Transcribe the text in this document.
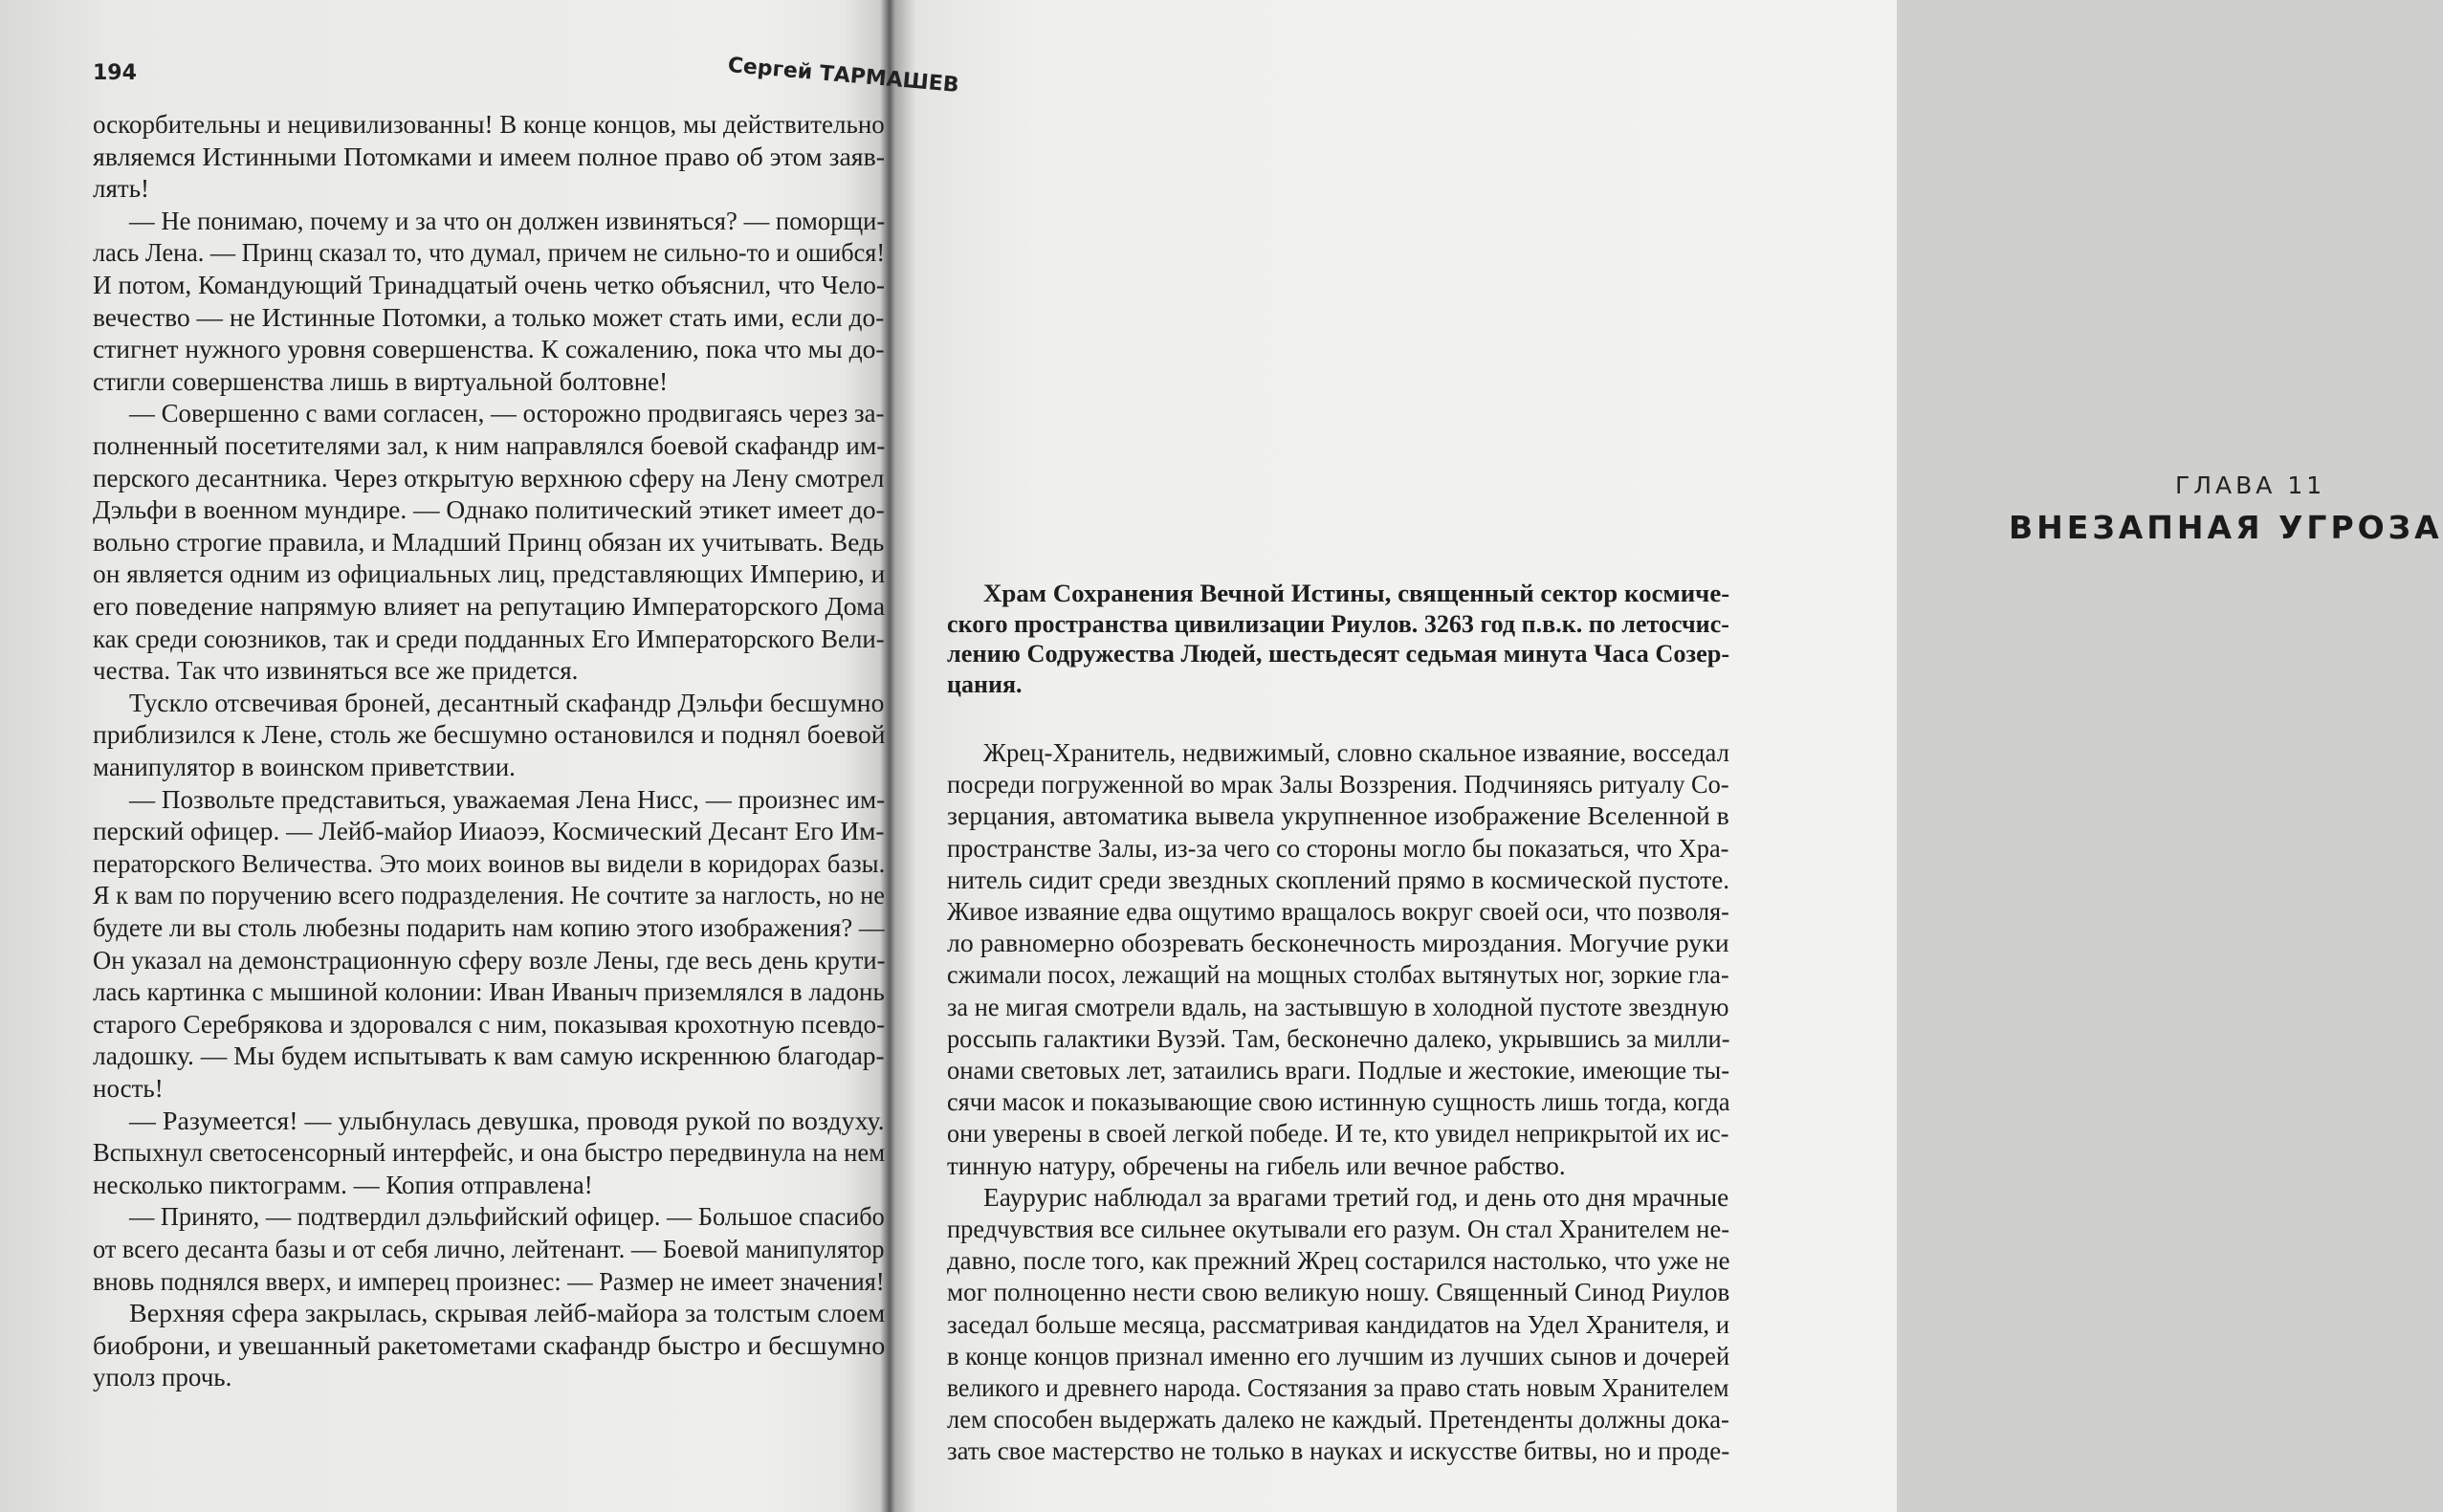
194	Сергей ТАРМАШЕВ
оскорбительны и нецивилизованны! В конце концов, мы действительно
являемся Истинными Потомками и имеем полное право об этом заяв-
лять!
— Не понимаю, почему и за что он должен извиняться? — поморщи-
лась Лена. — Принц сказал то, что думал, причем не сильно-то и ошибся!
И потом, Командующий Тринадцатый очень четко объяснил, что Чело-
вечество — не Истинные Потомки, а только может стать ими, если до-
стигнет нужного уровня совершенства. К сожалению, пока что мы до-
стигли совершенства лишь в виртуальной болтовне!
— Совершенно с вами согласен, — осторожно продвигаясь через за-
полненный посетителями зал, к ним направлялся боевой скафандр им-
перского десантника. Через открытую верхнюю сферу на Лену смотрел
Дэльфи в военном мундире. — Однако политический этикет имеет до-
вольно строгие правила, и Младший Принц обязан их учитывать. Ведь
он является одним из официальных лиц, представляющих Империю, и
его поведение напрямую влияет на репутацию Императорского Дома
как среди союзников, так и среди подданных Его Императорского Вели-
чества. Так что извиняться все же придется.
Тускло отсвечивая броней, десантный скафандр Дэльфи бесшумно
приблизился к Лене, столь же бесшумно остановился и поднял боевой
манипулятор в воинском приветствии.
— Позвольте представиться, уважаемая Лена Нисс, — произнес им-
перский офицер. — Лейб-майор Ииаоээ, Космический Десант Его Им-
ператорского Величества. Это моих воинов вы видели в коридорах базы.
Я к вам по поручению всего подразделения. Не сочтите за наглость, но не
будете ли вы столь любезны подарить нам копию этого изображения? —
Он указал на демонстрационную сферу возле Лены, где весь день крути-
лась картинка с мышиной колонии: Иван Иваныч приземлялся в ладонь
старого Серебрякова и здоровался с ним, показывая крохотную псевдо-
ладошку. — Мы будем испытывать к вам самую искреннюю благодар-
ность!
— Разумеется! — улыбнулась девушка, проводя рукой по воздуху.
Вспыхнул светосенсорный интерфейс, и она быстро передвинула на нем
несколько пиктограмм. — Копия отправлена!
— Принято, — подтвердил дэльфийский офицер. — Большое спасибо
от всего десанта базы и от себя лично, лейтенант. — Боевой манипулятор
вновь поднялся вверх, и имперец произнес: — Размер не имеет значения!
Верхняя сфера закрылась, скрывая лейб-майора за толстым слоем
биоброни, и увешанный ракетометами скафандр быстро и бесшумно
уполз прочь.
ГЛАВА 11
ВНЕЗАПНАЯ УГРОЗА
Храм Сохранения Вечной Истины, священный сектор космиче-
ского пространства цивилизации Риулов. 3263 год п.в.к. по летосчис-
лению Содружества Людей, шестьдесят седьмая минута Часа Созер-
цания.
Жрец-Хранитель, недвижимый, словно скальное изваяние, восседал
посреди погруженной во мрак Залы Воззрения. Подчиняясь ритуалу Со-
зерцания, автоматика вывела укрупненное изображение Вселенной в
пространстве Залы, из-за чего со стороны могло бы показаться, что Хра-
нитель сидит среди звездных скоплений прямо в космической пустоте.
Живое изваяние едва ощутимо вращалось вокруг своей оси, что позволя-
ло равномерно обозревать бесконечность мироздания. Могучие руки
сжимали посох, лежащий на мощных столбах вытянутых ног, зоркие гла-
за не мигая смотрели вдаль, на застывшую в холодной пустоте звездную
россыпь галактики Вузэй. Там, бесконечно далеко, укрывшись за милли-
онами световых лет, затаились враги. Подлые и жестокие, имеющие ты-
сячи масок и показывающие свою истинную сущность лишь тогда, когда
они уверены в своей легкой победе. И те, кто увидел неприкрытой их ис-
тинную натуру, обречены на гибель или вечное рабство.
Еаурурис наблюдал за врагами третий год, и день ото дня мрачные
предчувствия все сильнее окутывали его разум. Он стал Хранителем не-
давно, после того, как прежний Жрец состарился настолько, что уже не
мог полноценно нести свою великую ношу. Священный Синод Риулов
заседал больше месяца, рассматривая кандидатов на Удел Хранителя, и
в конце концов признал именно его лучшим из лучших сынов и дочерей
великого и древнего народа. Состязания за право стать новым Хранителем
лем способен выдержать далеко не каждый. Претенденты должны дока-
зать свое мастерство не только в науках и искусстве битвы, но и проде-
